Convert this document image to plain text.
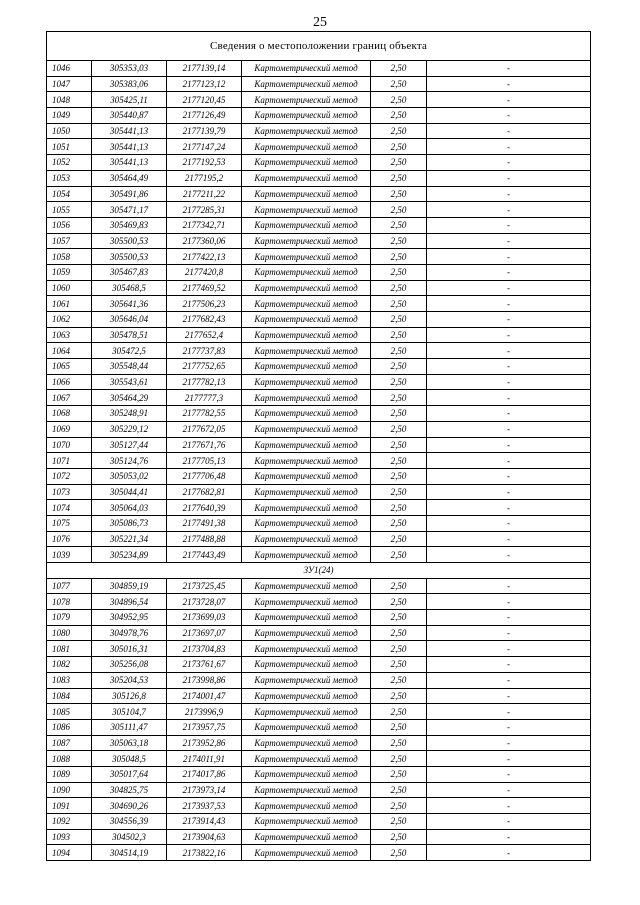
25
Сведения о местоположении границ объекта					
1046	305353,03	2177139,14	Картометрический метод	2,50	-
1047	305383,06	2177123,12	Картометрический метод	2,50	-
1048	305425,11	2177120,45	Картометрический метод	2,50	-
1049	305440,87	2177126,49	Картометрический метод	2,50	-
1050	305441,13	2177139,79	Картометрический метод	2,50	-
1051	305441,13	2177147,24	Картометрический метод	2,50	-
1052	305441,13	2177192,53	Картометрический метод	2,50	-
1053	305464,49	2177195,2	Картометрический метод	2,50	-
1054	305491,86	2177211,22	Картометрический метод	2,50	-
1055	305471,17	2177285,31	Картометрический метод	2,50	-
1056	305469,83	2177342,71	Картометрический метод	2,50	-
1057	305500,53	2177360,06	Картометрический метод	2,50	-
1058	305500,53	2177422,13	Картометрический метод	2,50	-
1059	305467,83	2177420,8	Картометрический метод	2,50	-
1060	305468,5	2177469,52	Картометрический метод	2,50	-
1061	305641,36	2177506,23	Картометрический метод	2,50	-
1062	305646,04	2177682,43	Картометрический метод	2,50	-
1063	305478,51	2177652,4	Картометрический метод	2,50	-
1064	305472,5	2177737,83	Картометрический метод	2,50	-
1065	305548,44	2177752,65	Картометрический метод	2,50	-
1066	305543,61	2177782,13	Картометрический метод	2,50	-
1067	305464,29	2177777,3	Картометрический метод	2,50	-
1068	305248,91	2177782,55	Картометрический метод	2,50	-
1069	305229,12	2177672,05	Картометрический метод	2,50	-
1070	305127,44	2177671,76	Картометрический метод	2,50	-
1071	305124,76	2177705,13	Картометрический метод	2,50	-
1072	305053,02	2177706,48	Картометрический метод	2,50	-
1073	305044,41	2177682,81	Картометрический метод	2,50	-
1074	305064,03	2177640,39	Картометрический метод	2,50	-
1075	305086,73	2177491,38	Картометрический метод	2,50	-
1076	305221,34	2177488,88	Картометрический метод	2,50	-
1039	305234,89	2177443,49	Картометрический метод	2,50	-
ЗУ1(24)					
1077	304859,19	2173725,45	Картометрический метод	2,50	-
1078	304896,54	2173728,07	Картометрический метод	2,50	-
1079	304952,95	2173699,03	Картометрический метод	2,50	-
1080	304978,76	2173697,07	Картометрический метод	2,50	-
1081	305016,31	2173704,83	Картометрический метод	2,50	-
1082	305256,08	2173761,67	Картометрический метод	2,50	-
1083	305204,53	2173998,86	Картометрический метод	2,50	-
1084	305126,8	2174001,47	Картометрический метод	2,50	-
1085	305104,7	2173996,9	Картометрический метод	2,50	-
1086	305111,47	2173957,75	Картометрический метод	2,50	-
1087	305063,18	2173952,86	Картометрический метод	2,50	-
1088	305048,5	2174011,91	Картометрический метод	2,50	-
1089	305017,64	2174017,86	Картометрический метод	2,50	-
1090	304825,75	2173973,14	Картометрический метод	2,50	-
1091	304690,26	2173937,53	Картометрический метод	2,50	-
1092	304556,39	2173914,43	Картометрический метод	2,50	-
1093	304502,3	2173904,63	Картометрический метод	2,50	-
1094	304514,19	2173822,16	Картометрический метод	2,50	-
